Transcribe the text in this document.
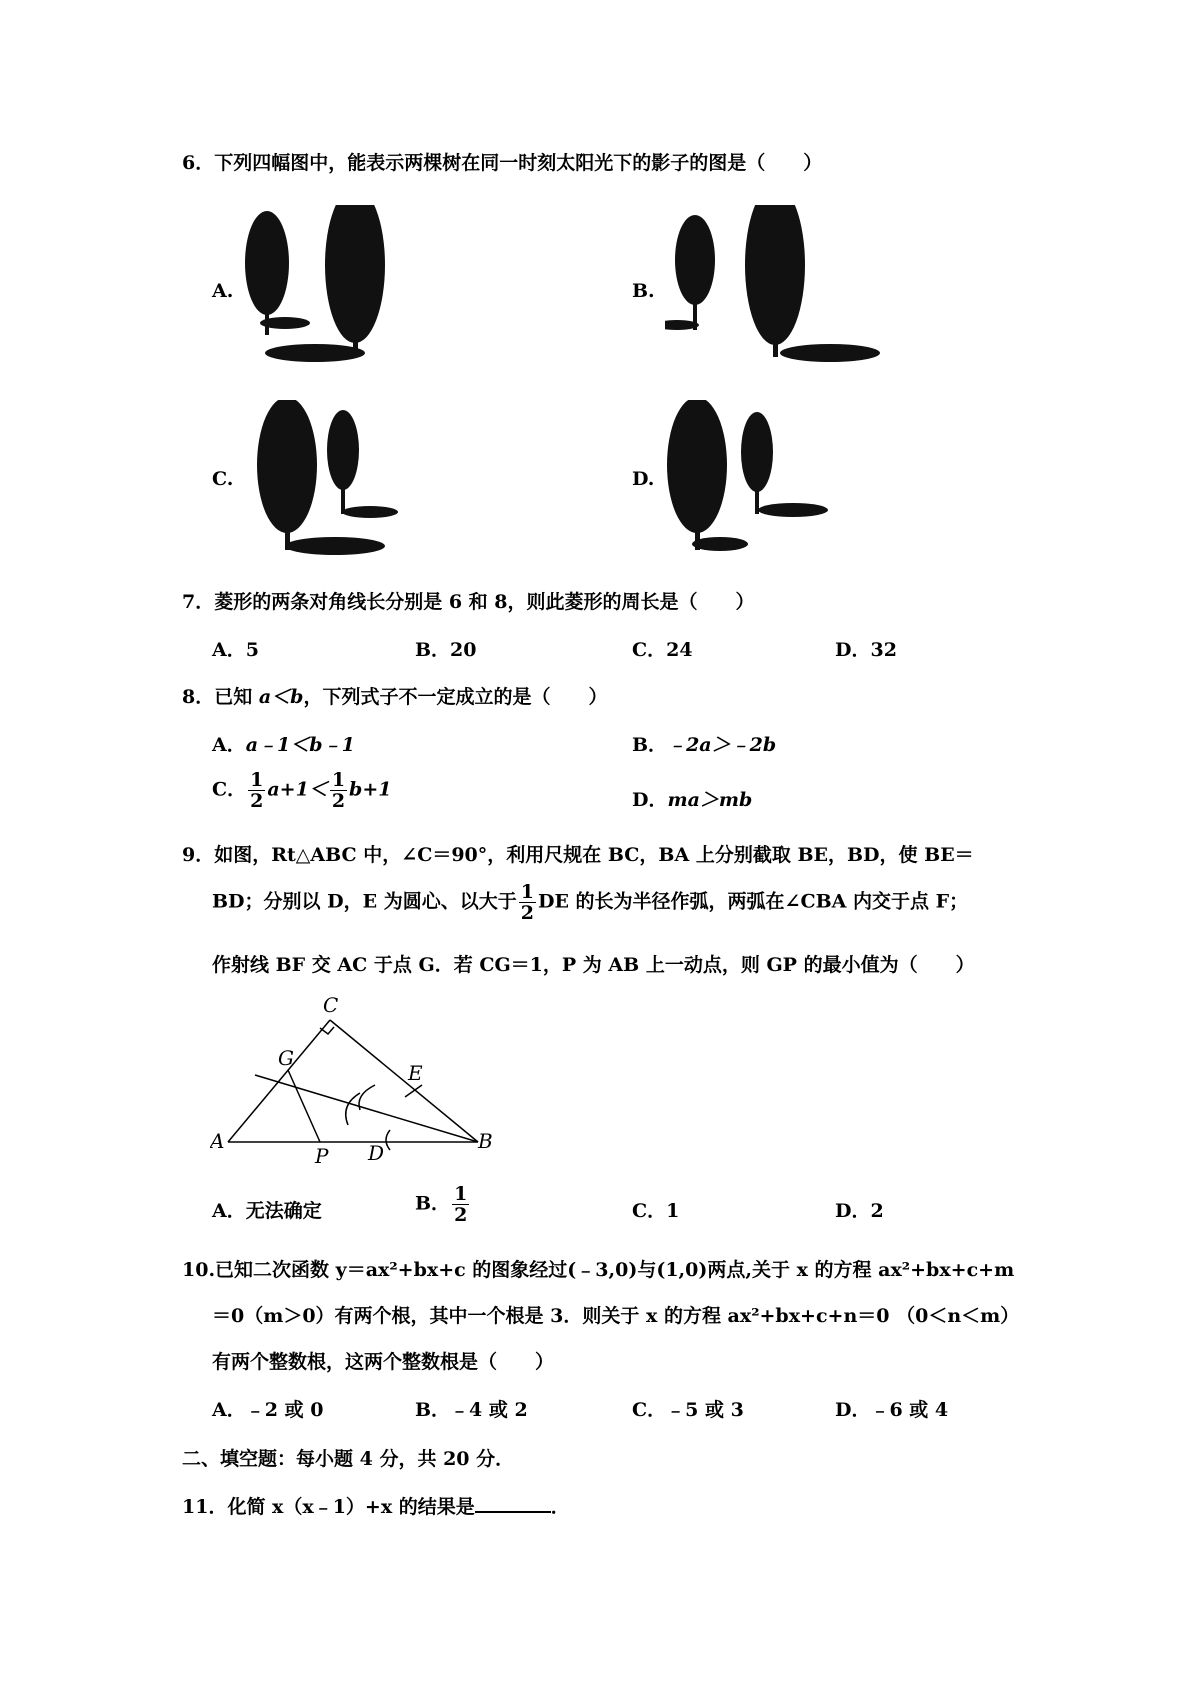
6．下列四幅图中，能表示两棵树在同一时刻太阳光下的影子的图是（　　）
A.	B.
C.	D.
7．菱形的两条对角线长分别是 6 和 8，则此菱形的周长是（　　）
A．5	B．20	C．24	D．32
8．已知 a＜b，下列式子不一定成立的是（　　）
A．a﹣1＜b﹣1	B．﹣2a＞﹣2b
C． $\frac{1}{2} a+1< \frac{1}{2} b+1$	D．ma＞mb
9．如图，Rt△ABC 中，∠C＝90°，利用尺规在 BC，BA 上分别截取 BE，BD，使 BE＝
BD；分别以 D，E 为圆心、以大于 $\frac{1}{2}$ DE 的长为半径作弧，两弧在∠CBA 内交于点 F；
作射线 BF 交 AC 于点 G．若 CG＝1，P 为 AB 上一动点，则 GP 的最小值为（　　）
C
G
E
A
P D	B
A．无法确定	B． $\frac{1}{2}$	C．1	D．2
10.已知二次函数 y＝ax²+bx+c 的图象经过(﹣3,0)与(1,0)两点,关于 x 的方程 ax²+bx+c+m
＝0（m＞0）有两个根，其中一个根是 3．则关于 x 的方程 ax²+bx+c+n＝0 （0＜n＜m）
有两个整数根，这两个整数根是（　　）
A．﹣2 或 0	B．﹣4 或 2	C．﹣5 或 3	D．﹣6 或 4
二、填空题：每小题 4 分，共 20 分．
11．化简 x（x﹣1）+x 的结果是	．
